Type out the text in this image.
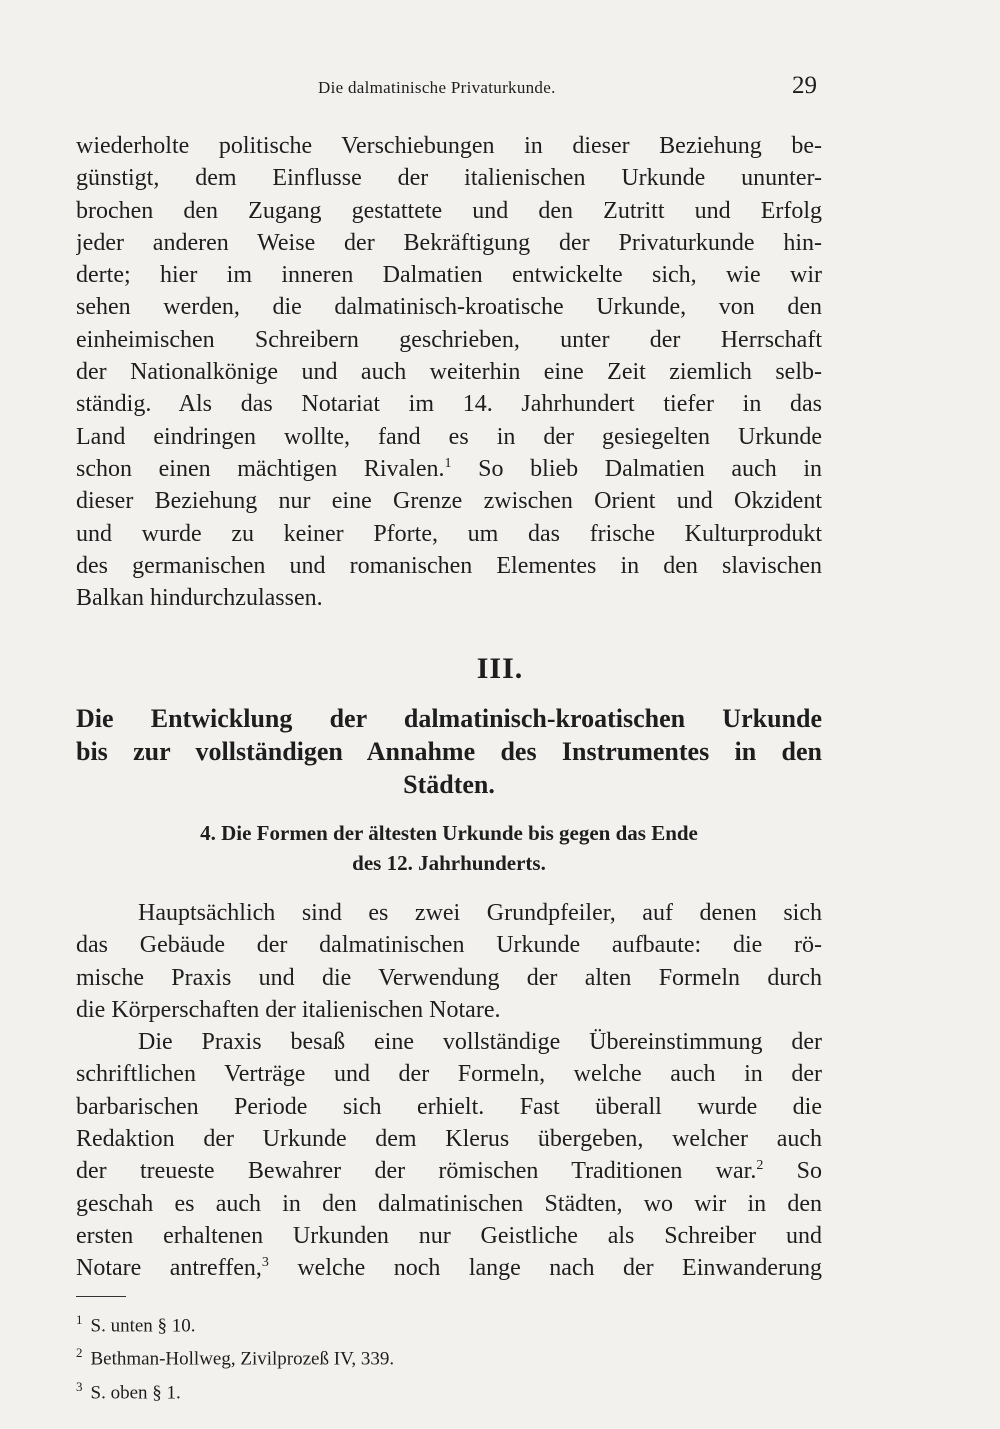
Die dalmatinische Privaturkunde.	29
wiederholte politische Verschiebungen in dieser Beziehung be-
günstigt, dem Einflusse der italienischen Urkunde ununter-
brochen den Zugang gestattete und den Zutritt und Erfolg
jeder anderen Weise der Bekräftigung der Privaturkunde hin-
derte; hier im inneren Dalmatien entwickelte sich, wie wir
sehen werden, die dalmatinisch-kroatische Urkunde, von den
einheimischen Schreibern geschrieben, unter der Herrschaft
der Nationalkönige und auch weiterhin eine Zeit ziemlich selb-
ständig. Als das Notariat im 14. Jahrhundert tiefer in das
Land eindringen wollte, fand es in der gesiegelten Urkunde
schon einen mächtigen Rivalen.$^1$ So blieb Dalmatien auch in
dieser Beziehung nur eine Grenze zwischen Orient und Okzident
und wurde zu keiner Pforte, um das frische Kulturprodukt
des germanischen und romanischen Elementes in den slavischen
Balkan hindurchzulassen.
III.
Die Entwicklung der dalmatinisch-kroatischen Urkunde
bis zur vollständigen Annahme des Instrumentes in den
Städten.
4. Die Formen der ältesten Urkunde bis gegen das Ende
des 12. Jahrhunderts.
Hauptsächlich sind es zwei Grundpfeiler, auf denen sich
das Gebäude der dalmatinischen Urkunde aufbaute: die rö-
mische Praxis und die Verwendung der alten Formeln durch
die Körperschaften der italienischen Notare.
Die Praxis besaß eine vollständige Übereinstimmung der
schriftlichen Verträge und der Formeln, welche auch in der
barbarischen Periode sich erhielt. Fast überall wurde die
Redaktion der Urkunde dem Klerus übergeben, welcher auch
der treueste Bewahrer der römischen Traditionen war.$^2$ So
geschah es auch in den dalmatinischen Städten, wo wir in den
ersten erhaltenen Urkunden nur Geistliche als Schreiber und
Notare antreffen,$^3$ welche noch lange nach der Einwanderung
$^1$ S. unten § 10.
$^2$ Bethman-Hollweg, Zivilprozeß IV, 339.
$^3$ S. oben § 1.
